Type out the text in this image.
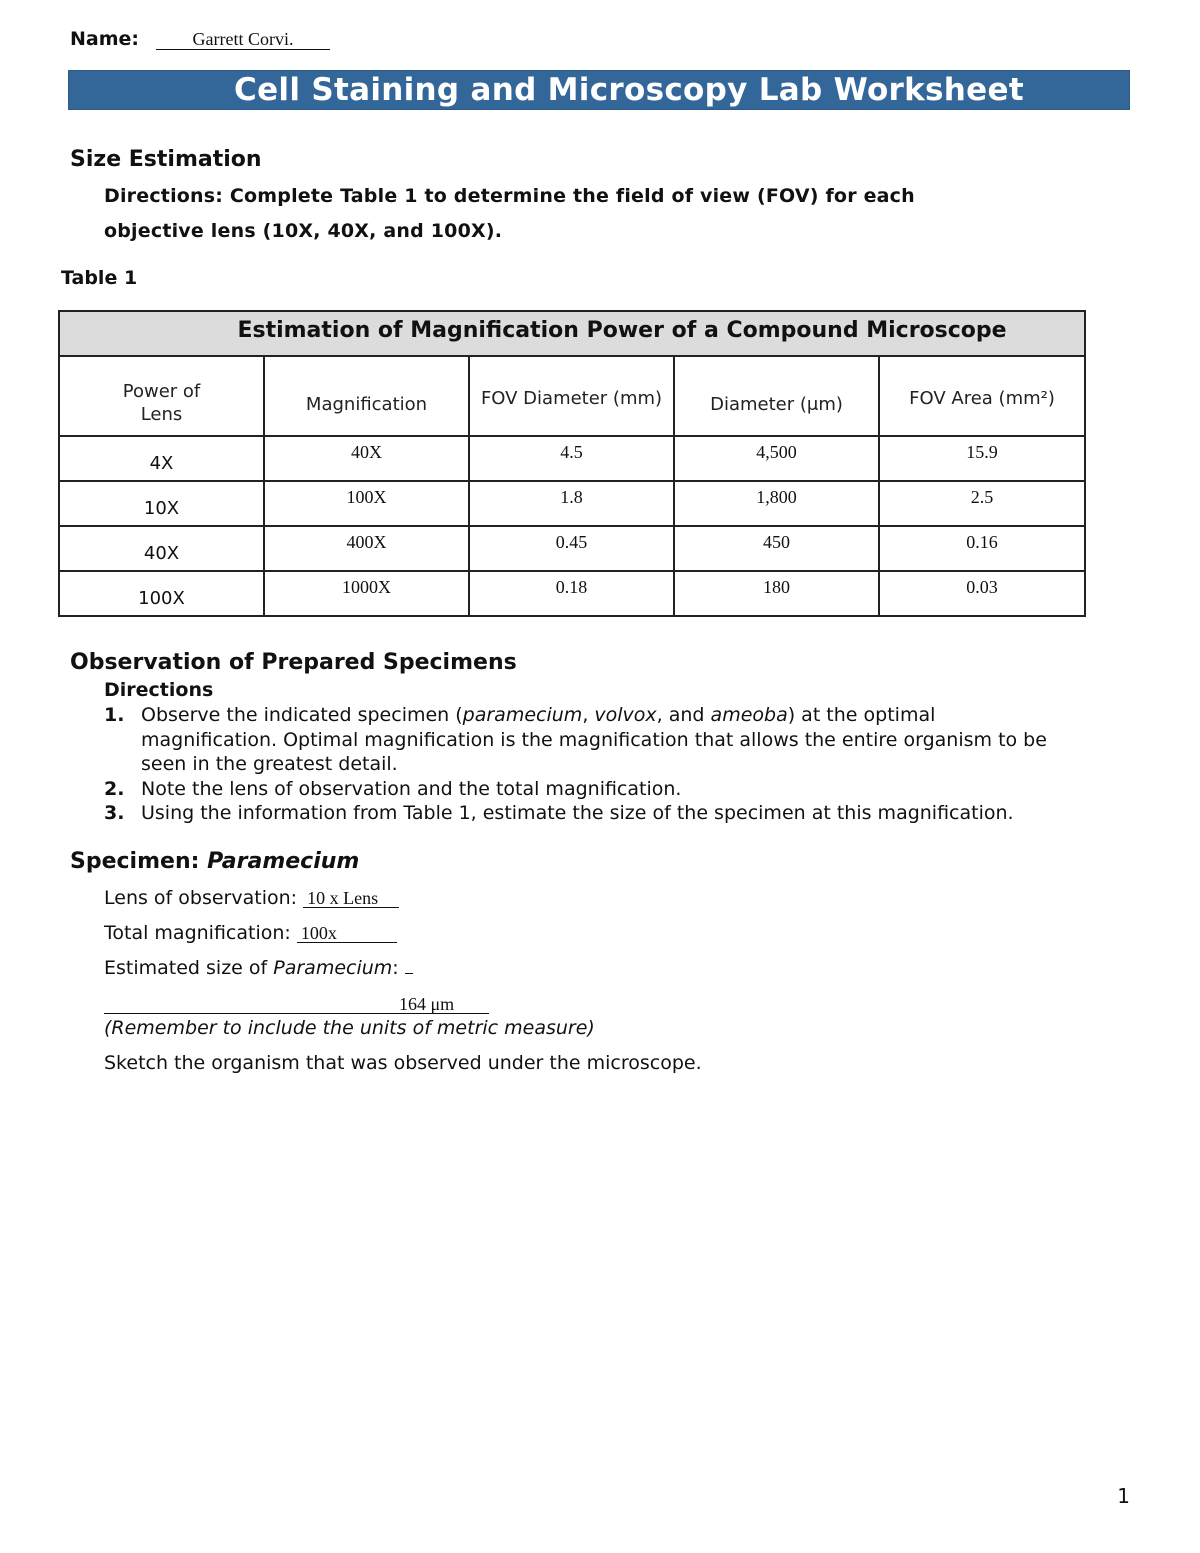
Name:	Garrett Corvi.
Cell Staining and Microscopy Lab Worksheet
Size Estimation
Directions: Complete Table 1 to determine the field of view (FOV) for each
objective lens (10X, 40X, and 100X).
Table 1
Estimation of Magnification Power of a Compound Microscope				

Power of
Lens	Magnification	FOV Diameter (mm)	Diameter (μm)	FOV Area (mm²)

4X	40X	4.5	4,500	15.9

10X	100X	1.8	1,800	2.5

40X	400X	0.45	450	0.16

100X	1000X	0.18	180	0.03
Observation of Prepared Specimens
Directions
1. Observe the indicated specimen (paramecium, volvox, and ameoba) at the optimal magnification. Optimal magnification is the magnification that allows the entire organism to be seen in the greatest detail.
2. Note the lens of observation and the total magnification.
3. Using the information from Table 1, estimate the size of the specimen at this magnification.
Specimen: Paramecium
Lens of observation: 10 x Lens
Total magnification: 100x
Estimated size of Paramecium:
164 μm
(Remember to include the units of metric measure)
Sketch the organism that was observed under the microscope.
1
